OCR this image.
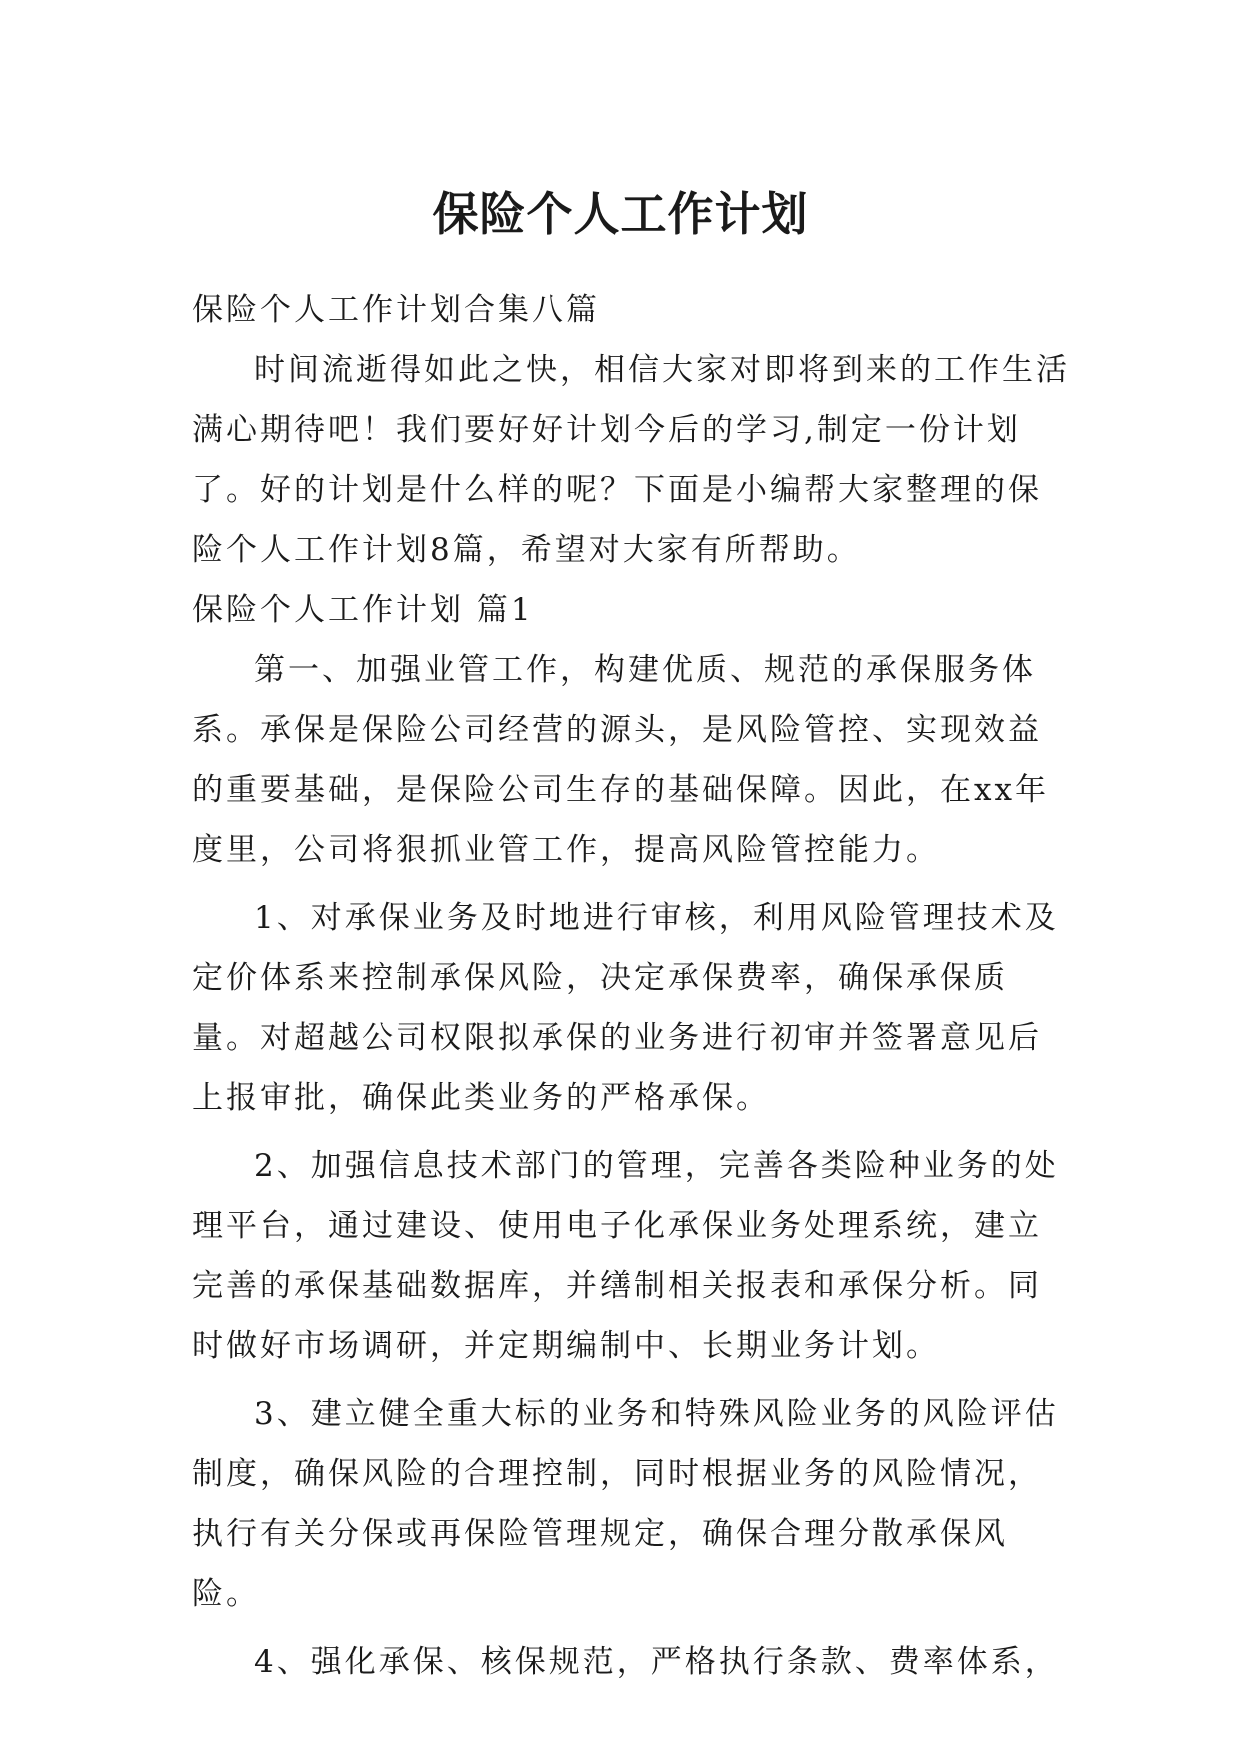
保险个人工作计划

保险个人工作计划合集八篇

时间流逝得如此之快，相信大家对即将到来的工作生活满心期待吧！我们要好好计划今后的学习,制定一份计划了。好的计划是什么样的呢？下面是小编帮大家整理的保险个人工作计划8篇，希望对大家有所帮助。

保险个人工作计划 篇1

第一、加强业管工作，构建优质、规范的承保服务体系。承保是保险公司经营的源头，是风险管控、实现效益的重要基础，是保险公司生存的基础保障。因此，在xx年度里，公司将狠抓业管工作，提高风险管控能力。

1、对承保业务及时地进行审核，利用风险管理技术及定价体系来控制承保风险，决定承保费率，确保承保质量。对超越公司权限拟承保的业务进行初审并签署意见后上报审批，确保此类业务的严格承保。

2、加强信息技术部门的管理，完善各类险种业务的处理平台，通过建设、使用电子化承保业务处理系统，建立完善的承保基础数据库，并缮制相关报表和承保分析。同时做好市场调研，并定期编制中、长期业务计划。

3、建立健全重大标的业务和特殊风险业务的风险评估制度，确保风险的合理控制，同时根据业务的风险情况，执行有关分保或再保险管理规定，确保合理分散承保风险。

4、强化承保、核保规范，严格执行条款、费率体系，
